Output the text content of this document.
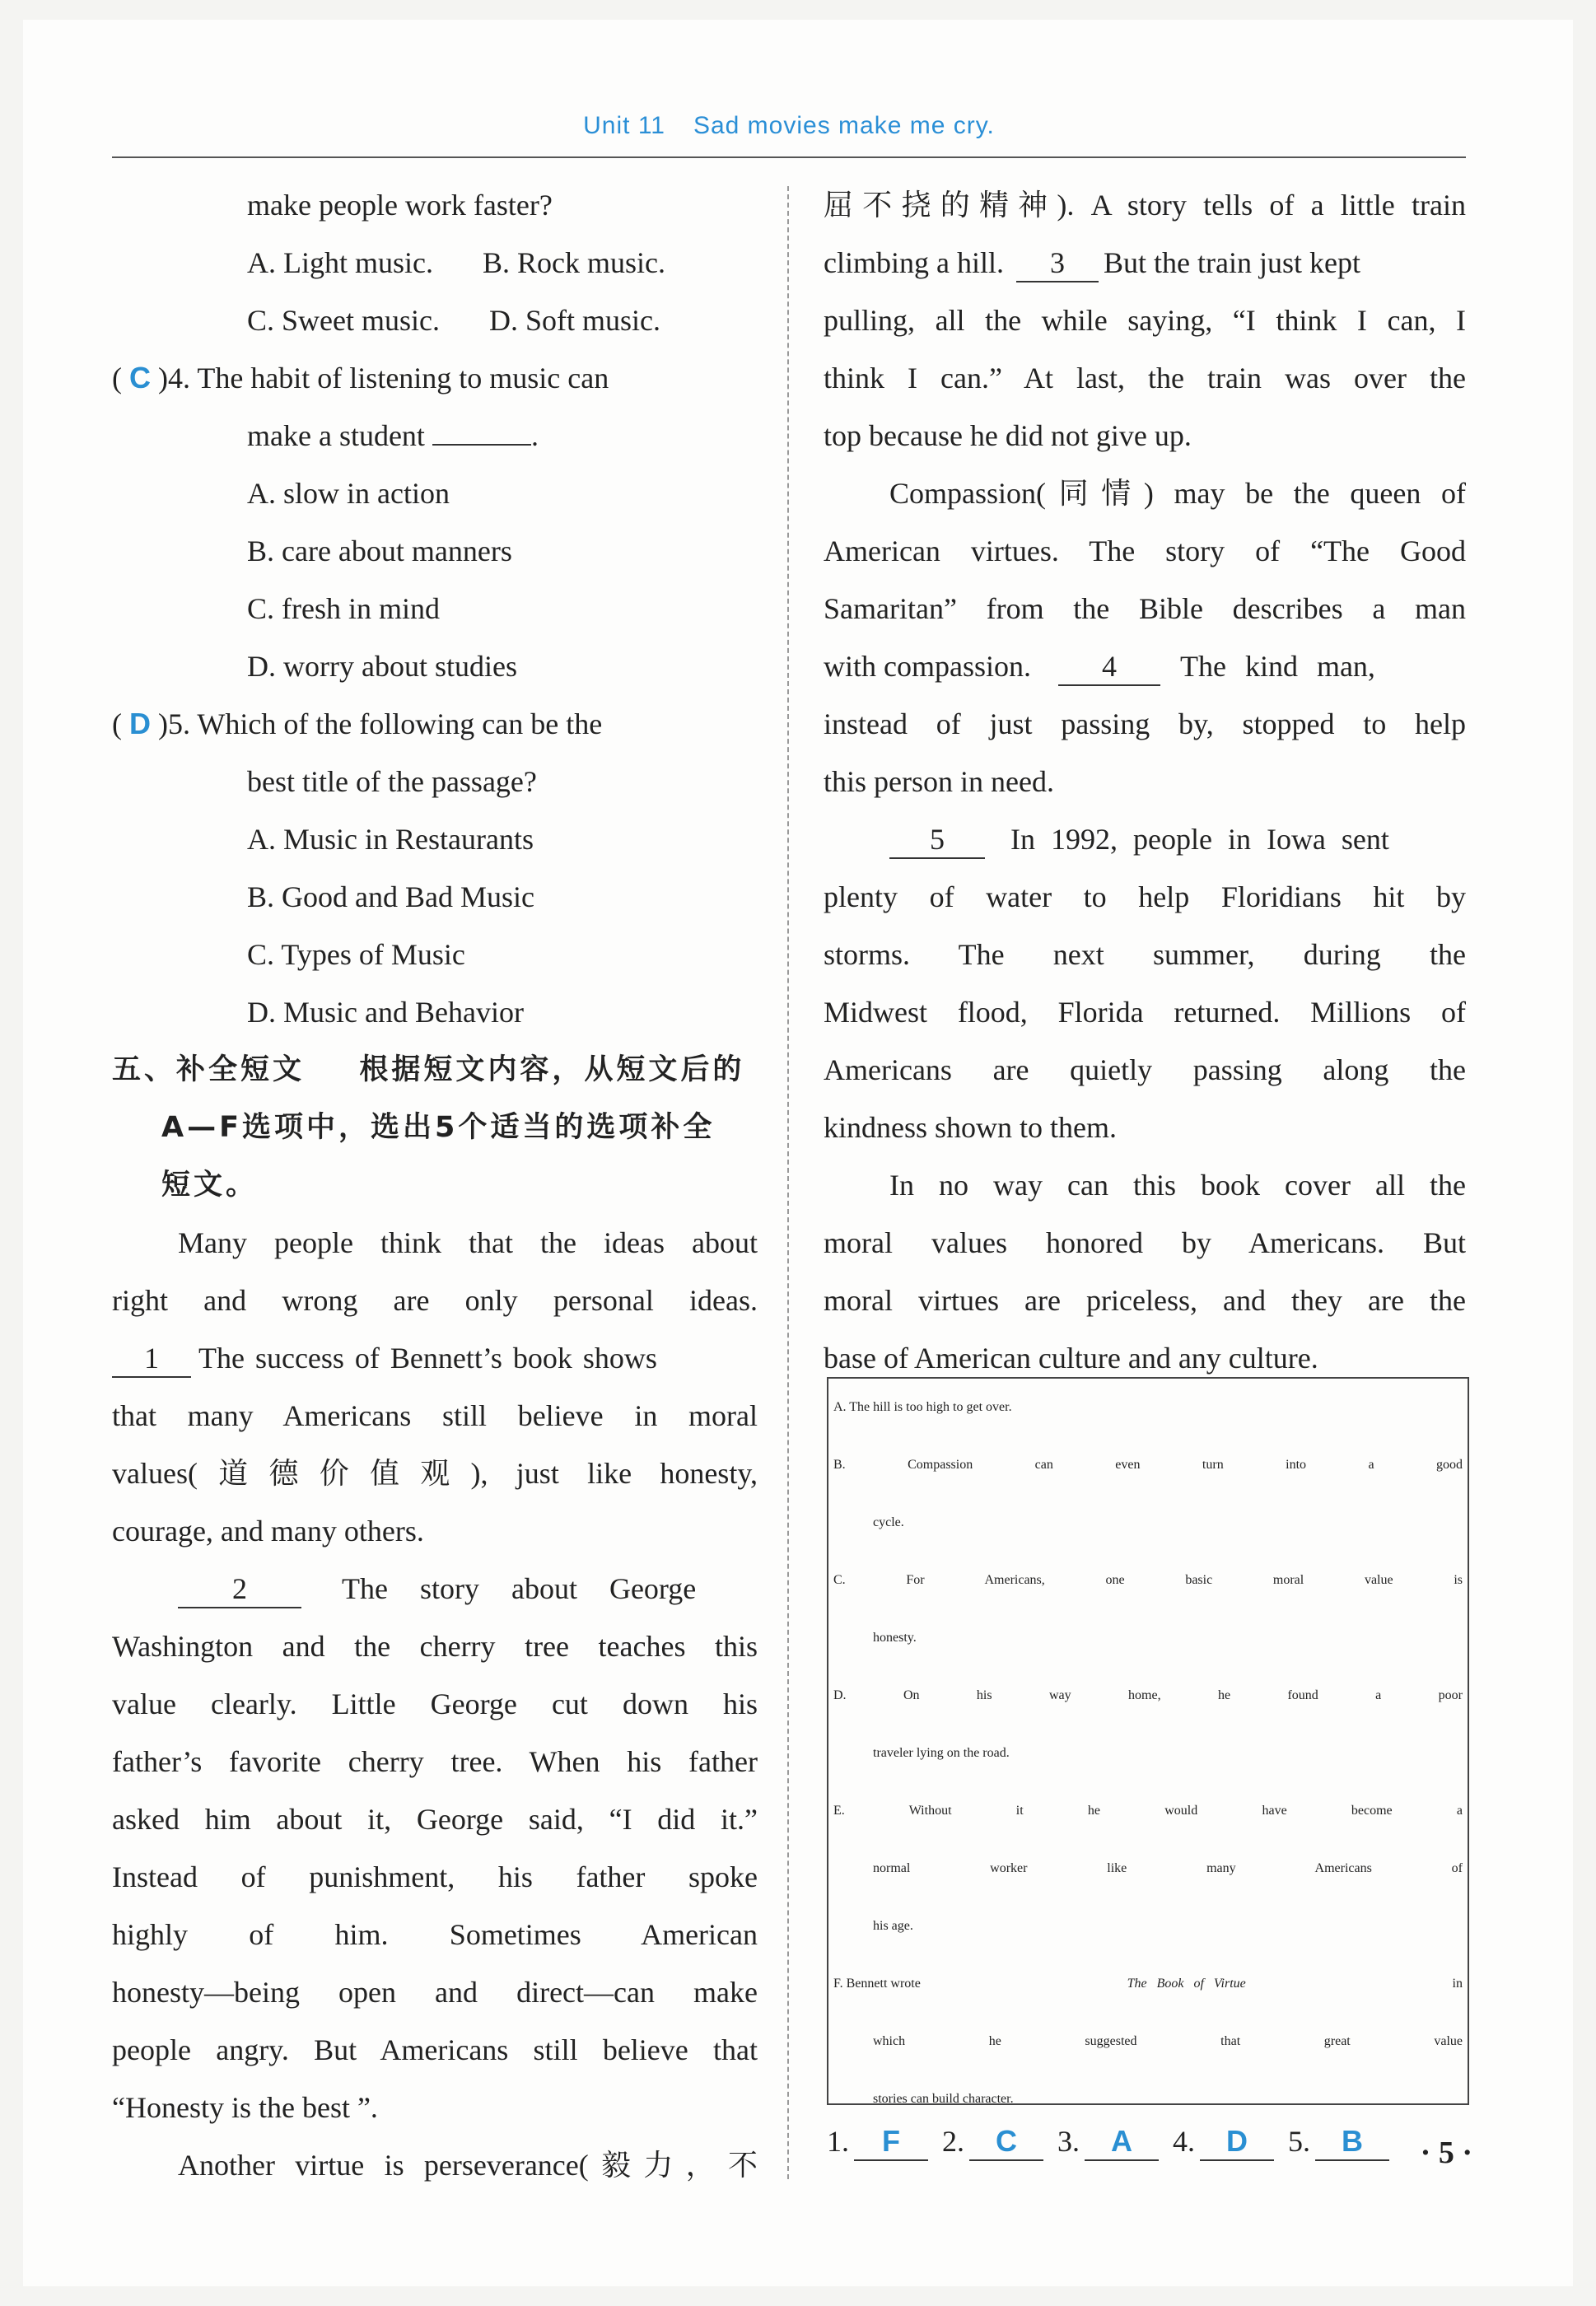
Unit 11 Sad movies make me cry.
make people work faster?
A. Light music. B. Rock music.
C. Sweet music. D. Soft music.
( C )4. The habit of listening to music can
make a student	.
A. slow in action
B. care about manners
C. fresh in mind
D. worry about studies
( D )5. Which of the following can be the
best title of the passage?
A. Music in Restaurants
B. Good and Bad Music
C. Types of Music
D. Music and Behavior
五、补全短文 根据短文内容，从短文后的
A—F选项中，选出5个适当的选项补全
短文。
Many people think that the ideas about
right and wrong are only personal ideas.
1 The success of Bennett’s book shows
that many Americans still believe in moral
values(道德价值观), just like honesty,
courage, and many others.
2	The story about George
Washington and the cherry tree teaches this
value clearly. Little George cut down his
father’s favorite cherry tree. When his father
asked him about it, George said, “I did it.”
Instead of punishment, his father spoke
highly of him. Sometimes American
honesty—being open and direct—can make
people angry. But Americans still believe that
“Honesty is the best ”.
Another virtue is perseverance(毅力，不
屈不挠的精神). A story tells of a little train
climbing a hill. 3 But the train just kept
pulling, all the while saying, “I think I can, I
think I can.” At last, the train was over the
top because he did not give up.
Compassion(同情) may be the queen of
American virtues. The story of “The Good
Samaritan” from the Bible describes a man
with compassion. 4 The kind man,
instead of just passing by, stopped to help
this person in need.
5 In 1992, people in Iowa sent
plenty of water to help Floridians hit by
storms. The next summer, during the
Midwest flood, Florida returned. Millions of
Americans are quietly passing along the
kindness shown to them.
In no way can this book cover all the
moral values honored by Americans. But
moral virtues are priceless, and they are the
base of American culture and any culture.
A. The hill is too high to get over.
B. Compassion can even turn into a good
cycle.
C. For Americans, one basic moral value is
honesty.
D. On his way home, he found a poor
traveler lying on the road.
E. Without it he would have become a
normal worker like many Americans of
his age.
F. Bennett wrote	The Book of Virtue	in
which he suggested that great value
stories can build character.
1. F 2. C 3. A 4. D 5. B	· 5 ·
